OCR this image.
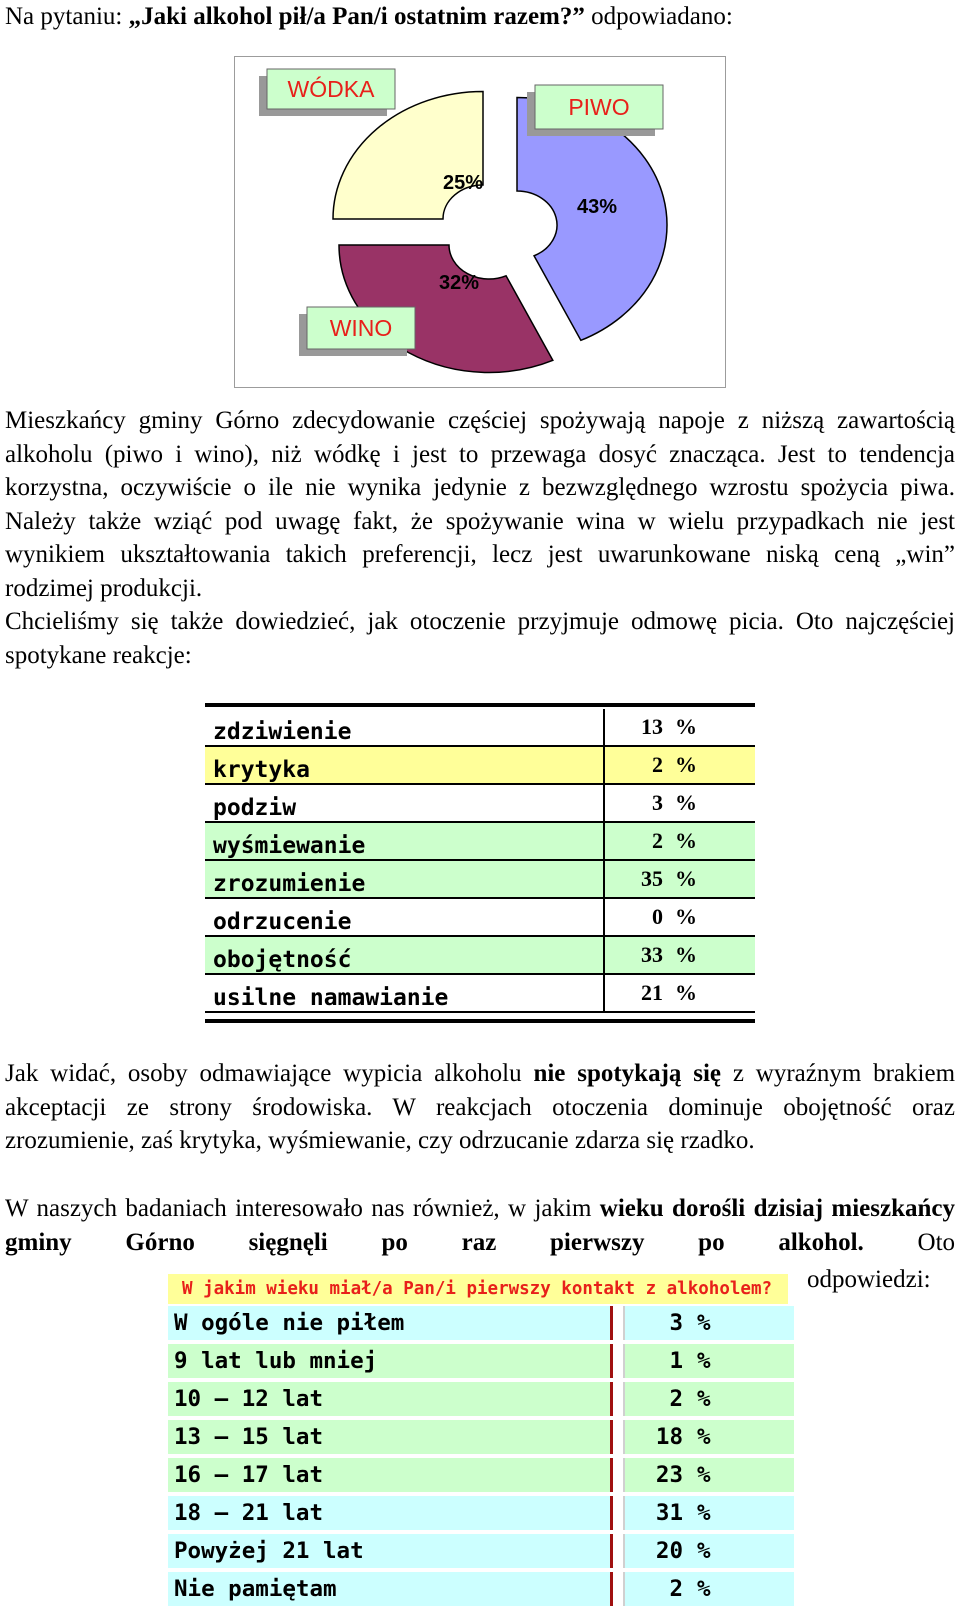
Na pytaniu: „Jaki alkohol pił/a Pan/i ostatnim razem?” odpowiadano:

25%
43%
32%
WÓDKA
PIWO
WINO

Mieszkańcy gminy Górno zdecydowanie częściej spożywają napoje z niższą zawartością alkoholu (piwo i wino), niż wódkę i jest to przewaga dosyć znacząca. Jest to tendencja korzystna, oczywiście o ile nie wynika jedynie z bezwzględnego wzrostu spożycia piwa. Należy także wziąć pod uwagę fakt, że spożywanie wina w wielu przypadkach nie jest wynikiem ukształtowania takich preferencji, lecz jest uwarunkowane niską ceną „win” rodzimej produkcji.

Chcieliśmy się także dowiedzieć, jak otoczenie przyjmuje odmowę picia. Oto najczęściej spotykane reakcje:

zdziwienie	13 %
krytyka	2 %
podziw	3 %
wyśmiewanie	2 %
zrozumienie	35 %
odrzucenie	0 %
obojętność	33 %
usilne namawianie	21 %

Jak widać, osoby odmawiające wypicia alkoholu nie spotykają się z wyraźnym brakiem akceptacji ze strony środowiska. W reakcjach otoczenia dominuje obojętność oraz zrozumienie, zaś krytyka, wyśmiewanie, czy odrzucanie zdarza się rzadko.

W naszych badaniach interesowało nas również, w jakim wieku dorośli dzisiaj mieszkańcy gminy Górno sięgnęli po raz pierwszy po alkohol. Oto

odpowiedzi:

W jakim wieku miał/a Pan/i pierwszy kontakt z alkoholem?
W ogóle nie piłem		3 %
9 lat lub mniej		1 %
10 – 12 lat		2 %
13 – 15 lat		18 %
16 – 17 lat		23 %
18 – 21 lat		31 %
Powyżej 21 lat		20 %
Nie pamiętam		2 %
